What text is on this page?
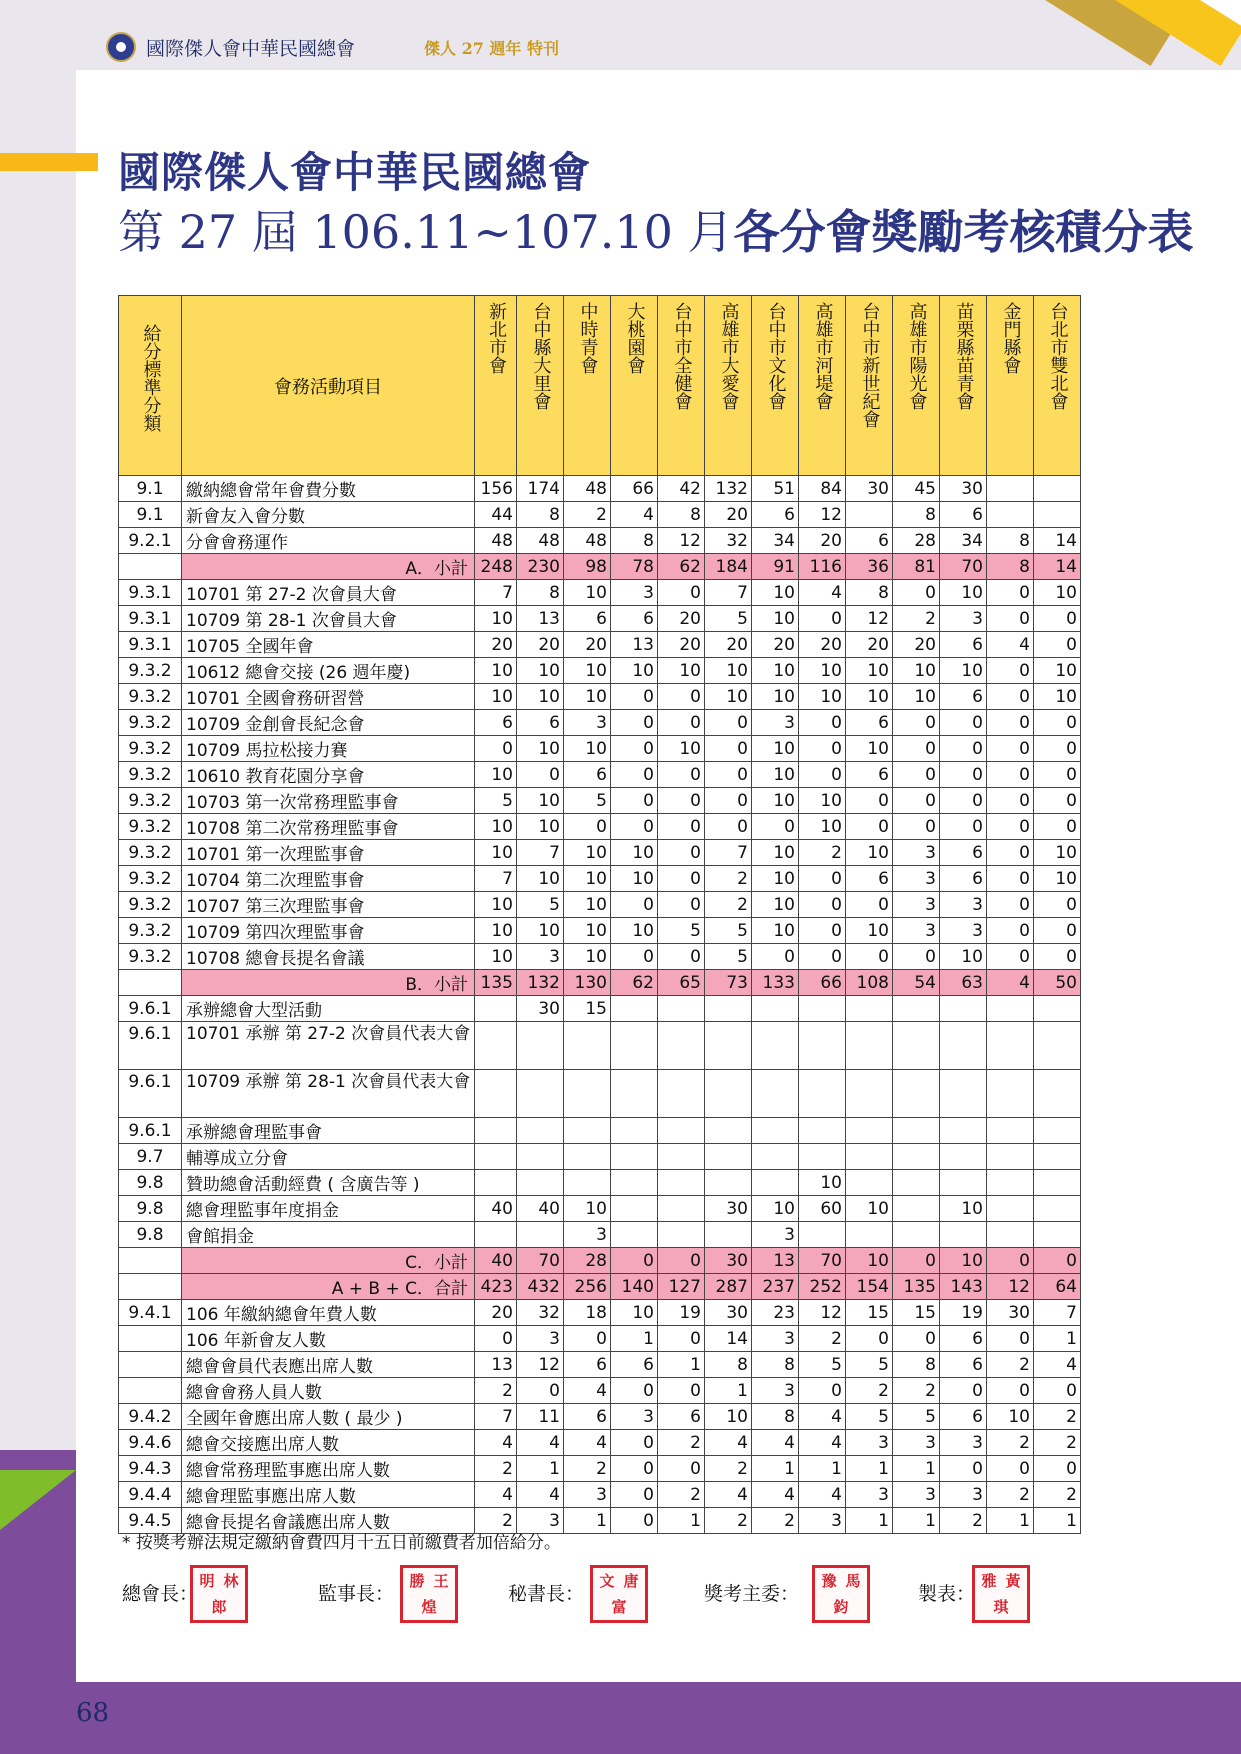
國際傑人會中華民國總會	傑人 27 週年 特刊
國際傑人會中華民國總會
第 27 屆 106.11~107.10 月各分會獎勵考核積分表
給分標準分類	會務活動項目	新北市會	台中縣大里會	中時青會	大桃園會	台中市全健會	高雄市大愛會	台中市文化會	高雄市河堤會	台中市新世紀會	高雄市陽光會	苗栗縣苗青會	金門縣會	台北市雙北會

9.1	繳納總會常年會費分數	156	174	48	66	42	132	51	84	30	45	30		
9.1	新會友入會分數	44	8	2	4	8	20	6	12		8	6		
9.2.1	分會會務運作	48	48	48	8	12	32	34	20	6	28	34	8	14
	A．小計	248	230	98	78	62	184	91	116	36	81	70	8	14
9.3.1	10701 第 27-2 次會員大會	7	8	10	3	0	7	10	4	8	0	10	0	10
9.3.1	10709 第 28-1 次會員大會	10	13	6	6	20	5	10	0	12	2	3	0	0
9.3.1	10705 全國年會	20	20	20	13	20	20	20	20	20	20	6	4	0
9.3.2	10612 總會交接 (26 週年慶)	10	10	10	10	10	10	10	10	10	10	10	0	10
9.3.2	10701 全國會務研習營	10	10	10	0	0	10	10	10	10	10	6	0	10
9.3.2	10709 金創會長紀念會	6	6	3	0	0	0	3	0	6	0	0	0	0
9.3.2	10709 馬拉松接力賽	0	10	10	0	10	0	10	0	10	0	0	0	0
9.3.2	10610 教育花園分享會	10	0	6	0	0	0	10	0	6	0	0	0	0
9.3.2	10703 第一次常務理監事會	5	10	5	0	0	0	10	10	0	0	0	0	0
9.3.2	10708 第二次常務理監事會	10	10	0	0	0	0	0	10	0	0	0	0	0
9.3.2	10701 第一次理監事會	10	7	10	10	0	7	10	2	10	3	6	0	10
9.3.2	10704 第二次理監事會	7	10	10	10	0	2	10	0	6	3	6	0	10
9.3.2	10707 第三次理監事會	10	5	10	0	0	2	10	0	0	3	3	0	0
9.3.2	10709 第四次理監事會	10	10	10	10	5	5	10	0	10	3	3	0	0
9.3.2	10708 總會長提名會議	10	3	10	0	0	5	0	0	0	0	10	0	0
	B．小計	135	132	130	62	65	73	133	66	108	54	63	4	50
9.6.1	承辦總會大型活動		30	15										
9.6.1	10701 承辦 第 27-2 次會員代表大會													
9.6.1	10709 承辦 第 28-1 次會員代表大會													
9.6.1	承辦總會理監事會													
9.7	輔導成立分會													
9.8	贊助總會活動經費 ( 含廣告等 )								10					
9.8	總會理監事年度捐金	40	40	10			30	10	60	10		10		
9.8	會館捐金			3				3						
	C．小計	40	70	28	0	0	30	13	70	10	0	10	0	0
	A + B + C．合計	423	432	256	140	127	287	237	252	154	135	143	12	64
9.4.1	106 年繳納總會年費人數	20	32	18	10	19	30	23	12	15	15	19	30	7
	106 年新會友人數	0	3	0	1	0	14	3	2	0	0	6	0	1
	總會會員代表應出席人數	13	12	6	6	1	8	8	5	5	8	6	2	4
	總會會務人員人數	2	0	4	0	0	1	3	0	2	2	0	0	0
9.4.2	全國年會應出席人數 ( 最少 )	7	11	6	3	6	10	8	4	5	5	6	10	2
9.4.6	總會交接應出席人數	4	4	4	0	2	4	4	4	3	3	3	2	2
9.4.3	總會常務理監事應出席人數	2	1	2	0	0	2	1	1	1	1	0	0	0
9.4.4	總會理監事應出席人數	4	4	3	0	2	4	4	4	3	3	3	2	2
9.4.5	總會長提名會議應出席人數	2	3	1	0	1	2	2	3	1	1	2	1	1
* 按獎考辦法規定繳納會費四月十五日前繳費者加倍給分。
總會長：
明 林
郎
監事長：
勝 王
煌
秘書長：
文 唐
富
獎考主委：
豫 馬
鈞
製表：
雅 黃
琪
68
